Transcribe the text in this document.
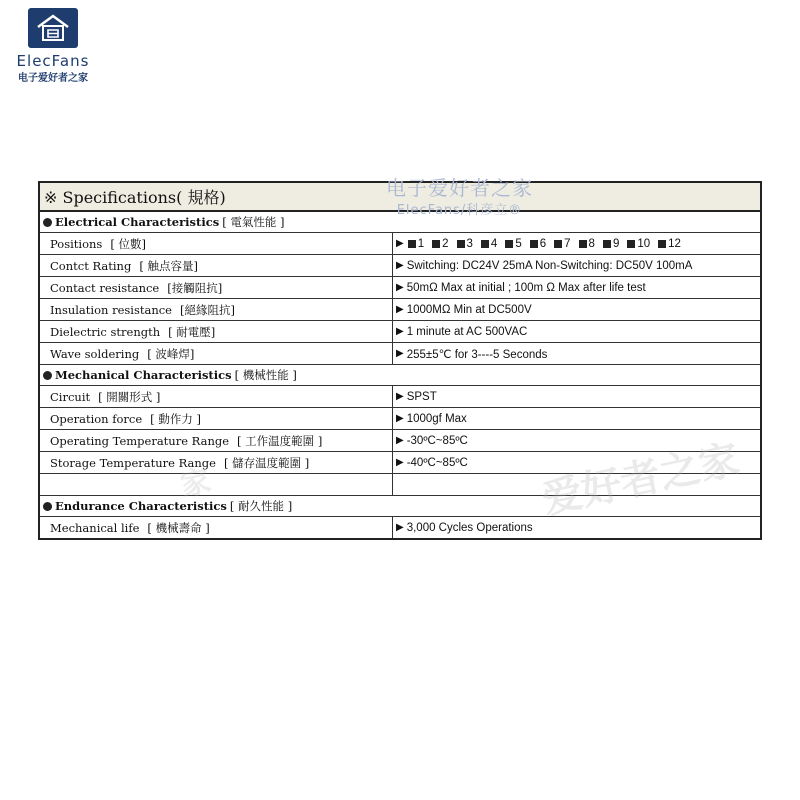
ElecFans
电子爱好者之家
※ Specifications( 規格)
Electrical Characteristics [ 電氣性能 ]
Positions [ 位數]	▶ 1 2 3 4 5 6 7 8 9 10 12
Contct Rating [ 触点容量]	▶ Switching: DC24V 25mA Non-Switching: DC50V 100mA
Contact resistance [接觸阻抗]	▶ 50mΩ Max at initial ; 100m Ω Max after life test
Insulation resistance [絕緣阻抗]	▶ 1000MΩ Min at DC500V
Dielectric strength [ 耐電壓]	▶ 1 minute at AC 500VAC
Wave soldering [ 波峰焊]	▶ 255±5℃ for 3----5 Seconds
Mechanical Characteristics [ 機械性能 ]
Circuit [ 開關形式 ]	▶ SPST
Operation force [ 動作力 ]	▶ 1000gf Max
Operating Temperature Range [ 工作温度範圍 ]	▶ -30ºC~85ºC
Storage Temperature Range [ 儲存温度範圍 ]	▶ -40ºC~85ºC
Endurance Characteristics [ 耐久性能 ]
Mechanical life [ 機械壽命 ]	▶ 3,000 Cycles Operations
电子爱好者之家
ElecFans/科彦立®
爱好者之家
家
